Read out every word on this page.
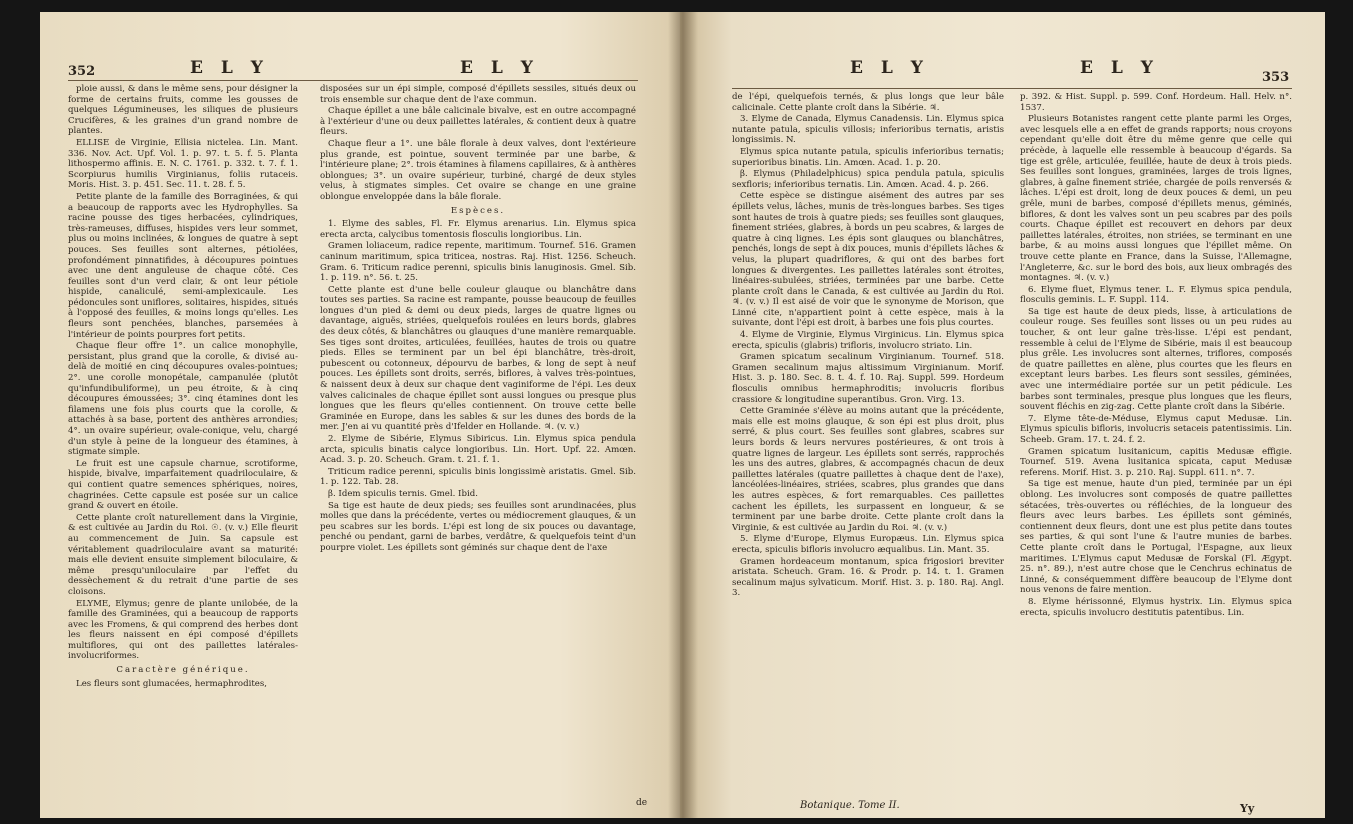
352	E L Y	E L Y

ploie aussi, & dans le même sens, pour désigner la forme de certains fruits, comme les gousses de quelques Légumineuses, les siliques de plusieurs Crucifères, & les graines d'un grand nombre de plantes.

ELLISE de Virginie, Ellisia nictelea. Lin. Mant. 336. Nov. Act. Upf. Vol. 1. p. 97. t. 5. f. 5. Planta lithospermo affinis. E. N. C. 1761. p. 332. t. 7. f. 1. Scorpiurus humilis Virginianus, foliis rutaceis. Moris. Hist. 3. p. 451. Sec. 11. t. 28. f. 5.

Petite plante de la famille des Borraginées, & qui a beaucoup de rapports avec les Hydrophylles. Sa racine pousse des tiges herbacées, cylindriques, très-rameuses, diffuses, hispides vers leur sommet, plus ou moins inclinées, & longues de quatre à sept pouces. Ses feuilles sont alternes, pétiolées, profondément pinnatifides, à découpures pointues avec une dent anguleuse de chaque côté. Ces feuilles sont d'un verd clair, & ont leur pétiole hispide, canaliculé, semi-amplexicaule. Les pédoncules sont uniflores, solitaires, hispides, situés à l'opposé des feuilles, & moins longs qu'elles. Les fleurs sont penchées, blanches, parsemées à l'intérieur de points pourpres fort petits.

Chaque fleur offre 1°. un calice monophylle, persistant, plus grand que la corolle, & divisé au-delà de moitié en cinq découpures ovales-pointues; 2°. une corolle monopétale, campanulée (plutôt qu'infundibuliforme), un peu étroite, & à cinq découpures émoussées; 3°. cinq étamines dont les filamens une fois plus courts que la corolle, & attachés à sa base, portent des anthères arrondies; 4°. un ovaire supérieur, ovale-conique, velu, chargé d'un style à peine de la longueur des étamines, à stigmate simple.

Le fruit est une capsule charnue, scrotiforme, hispide, bivalve, imparfaitement quadriloculaire, & qui contient quatre semences sphériques, noires, chagrinées. Cette capsule est posée sur un calice grand & ouvert en étoile.

Cette plante croît naturellement dans la Virginie, & est cultivée au Jardin du Roi. ☉. (v. v.) Elle fleurit au commencement de Juin. Sa capsule est véritablement quadriloculaire avant sa maturité: mais elle devient ensuite simplement biloculaire, & même presqu'uniloculaire par l'effet du dessèchement & du retrait d'une partie de ses cloisons.

ELYME, Elymus; genre de plante unilobée, de la famille des Graminées, qui a beaucoup de rapports avec les Fromens, & qui comprend des herbes dont les fleurs naissent en épi composé d'épillets multiflores, qui ont des paillettes latérales-involucriformes.

Caractère générique.

Les fleurs sont glumacées, hermaphrodites,

disposées sur un épi simple, composé d'épillets sessiles, situés deux ou trois ensemble sur chaque dent de l'axe commun.

Chaque épillet a une bâle calicinale bivalve, est en outre accompagné à l'extérieur d'une ou deux paillettes latérales, & contient deux à quatre fleurs.

Chaque fleur a 1°. une bâle florale à deux valves, dont l'extérieure plus grande, est pointue, souvent terminée par une barbe, & l'intérieure plane; 2°. trois étamines à filamens capillaires, & à anthères oblongues; 3°. un ovaire supérieur, turbiné, chargé de deux styles velus, à stigmates simples. Cet ovaire se change en une graine oblongue enveloppée dans la bâle florale.

Espèces.

1. Elyme des sables, Fl. Fr. Elymus arenarius. Lin. Elymus spica erecta arcta, calycibus tomentosis flosculis longioribus. Lin.

Gramen loliaceum, radice repente, maritimum. Tournef. 516. Gramen caninum maritimum, spica triticea, nostras. Raj. Hist. 1256. Scheuch. Gram. 6. Triticum radice perenni, spiculis binis lanuginosis. Gmel. Sib. 1. p. 119. n°. 56. t. 25.

Cette plante est d'une belle couleur glauque ou blanchâtre dans toutes ses parties. Sa racine est rampante, pousse beaucoup de feuilles longues d'un pied & demi ou deux pieds, larges de quatre lignes ou davantage, aiguës, striées, quelquefois roulées en leurs bords, glabres des deux côtés, & blanchâtres ou glauques d'une manière remarquable. Ses tiges sont droites, articulées, feuillées, hautes de trois ou quatre pieds. Elles se terminent par un bel épi blanchâtre, très-droit, pubescent ou cotonneux, dépourvu de barbes, & long de sept à neuf pouces. Les épillets sont droits, serrés, biflores, à valves très-pointues, & naissent deux à deux sur chaque dent vaginiforme de l'épi. Les deux valves calicinales de chaque épillet sont aussi longues ou presque plus longues que les fleurs qu'elles contiennent. On trouve cette belle Graminée en Europe, dans les sables & sur les dunes des bords de la mer. J'en ai vu quantité près d'Ifelder en Hollande. ♃. (v. v.)

2. Elyme de Sibérie, Elymus Sibiricus. Lin. Elymus spica pendula arcta, spiculis binatis calyce longioribus. Lin. Hort. Upf. 22. Amœn. Acad. 3. p. 20. Scheuch. Gram. t. 21. f. 1.

Triticum radice perenni, spiculis binis longissimè aristatis. Gmel. Sib. 1. p. 122. Tab. 28.

β. Idem spiculis ternis. Gmel. Ibid.

Sa tige est haute de deux pieds; ses feuilles sont arundinacées, plus molles que dans la précédente, vertes ou médiocrement glauques, & un peu scabres sur les bords. L'épi est long de six pouces ou davantage, penché ou pendant, garni de barbes, verdâtre, & quelquefois teint d'un pourpre violet. Les épillets sont géminés sur chaque dent de l'axe

de
E L Y	E L Y	353

de l'épi, quelquefois ternés, & plus longs que leur bâle calicinale. Cette plante croît dans la Sibérie. ♃.

3. Elyme de Canada, Elymus Canadensis. Lin. Elymus spica nutante patula, spiculis villosis; inferioribus ternatis, aristis longissimis. N.

Elymus spica nutante patula, spiculis inferioribus ternatis; superioribus binatis. Lin. Amœn. Acad. 1. p. 20.

β. Elymus (Philadelphicus) spica pendula patula, spiculis sexfloris; inferioribus ternatis. Lin. Amœn. Acad. 4. p. 266.

Cette espèce se distingue aisément des autres par ses épillets velus, lâches, munis de très-longues barbes. Ses tiges sont hautes de trois à quatre pieds; ses feuilles sont glauques, finement striées, glabres, à bords un peu scabres, & larges de quatre à cinq lignes. Les épis sont glauques ou blanchâtres, penchés, longs de sept à dix pouces, munis d'épillets lâches & velus, la plupart quadriflores, & qui ont des barbes fort longues & divergentes. Les paillettes latérales sont étroites, linéaires-subulées, striées, terminées par une barbe. Cette plante croît dans le Canada, & est cultivée au Jardin du Roi. ♃. (v. v.) Il est aisé de voir que le synonyme de Morison, que Linné cite, n'appartient point à cette espèce, mais à la suivante, dont l'épi est droit, à barbes une fois plus courtes.

4. Elyme de Virginie, Elymus Virginicus. Lin. Elymus spica erecta, spiculis (glabris) trifloris, involucro striato. Lin.

Gramen spicatum secalinum Virginianum. Tournef. 518. Gramen secalinum majus altissimum Virginianum. Morif. Hist. 3. p. 180. Sec. 8. t. 4. f. 10. Raj. Suppl. 599. Hordeum flosculis omnibus hermaphroditis; involucris floribus crassiore & longitudine superantibus. Gron. Virg. 13.

Cette Graminée s'élève au moins autant que la précédente, mais elle est moins glauque, & son épi est plus droit, plus serré, & plus court. Ses feuilles sont glabres, scabres sur leurs bords & leurs nervures postérieures, & ont trois à quatre lignes de largeur. Les épillets sont serrés, rapprochés les uns des autres, glabres, & accompagnés chacun de deux paillettes latérales (quatre paillettes à chaque dent de l'axe), lancéolées-linéaires, striées, scabres, plus grandes que dans les autres espèces, & fort remarquables. Ces paillettes cachent les épillets, les surpassent en longueur, & se terminent par une barbe droite. Cette plante croît dans la Virginie, & est cultivée au Jardin du Roi. ♃. (v. v.)

5. Elyme d'Europe, Elymus Europæus. Lin. Elymus spica erecta, spiculis bifloris involucro æqualibus. Lin. Mant. 35.

Gramen hordeaceum montanum, spica frigosiori breviter aristata. Scheuch. Gram. 16. & Prodr. p. 14. t. 1. Gramen secalinum majus sylvaticum. Morif. Hist. 3. p. 180. Raj. Angl. 3.

p. 392. & Hist. Suppl. p. 599. Conf. Hordeum. Hall. Helv. n°. 1537.

Plusieurs Botanistes rangent cette plante parmi les Orges, avec lesquels elle a en effet de grands rapports; nous croyons cependant qu'elle doit être du même genre que celle qui précède, à laquelle elle ressemble à beaucoup d'égards. Sa tige est grêle, articulée, feuillée, haute de deux à trois pieds. Ses feuilles sont longues, graminées, larges de trois lignes, glabres, à gaîne finement striée, chargée de poils renversés & lâches. L'épi est droit, long de deux pouces & demi, un peu grêle, muni de barbes, composé d'épillets menus, géminés, biflores, & dont les valves sont un peu scabres par des poils courts. Chaque épillet est recouvert en dehors par deux paillettes latérales, étroites, non striées, se terminant en une barbe, & au moins aussi longues que l'épillet même. On trouve cette plante en France, dans la Suisse, l'Allemagne, l'Angleterre, &c. sur le bord des bois, aux lieux ombragés des montagnes. ♃. (v. v.)

6. Elyme fluet, Elymus tener. L. F. Elymus spica pendula, flosculis geminis. L. F. Suppl. 114.

Sa tige est haute de deux pieds, lisse, à articulations de couleur rouge. Ses feuilles sont lisses ou un peu rudes au toucher, & ont leur gaîne très-lisse. L'épi est pendant, ressemble à celui de l'Elyme de Sibérie, mais il est beaucoup plus grêle. Les involucres sont alternes, triflores, composés de quatre paillettes en alène, plus courtes que les fleurs en exceptant leurs barbes. Les fleurs sont sessiles, géminées, avec une intermédiaire portée sur un petit pédicule. Les barbes sont terminales, presque plus longues que les fleurs, souvent fléchis en zig-zag. Cette plante croît dans la Sibérie.

7. Elyme tête-de-Méduse, Elymus caput Medusæ. Lin. Elymus spiculis bifloris, involucris setaceis patentissimis. Lin. Scheeb. Gram. 17. t. 24. f. 2.

Gramen spicatum lusitanicum, capitis Medusæ effigie. Tournef. 519. Avena lusitanica spicata, caput Medusæ referens. Morif. Hist. 3. p. 210. Raj. Suppl. 611. n°. 7.

Sa tige est menue, haute d'un pied, terminée par un épi oblong. Les involucres sont composés de quatre paillettes sétacées, très-ouvertes ou réfléchies, de la longueur des fleurs avec leurs barbes. Les épillets sont géminés, contiennent deux fleurs, dont une est plus petite dans toutes ses parties, & qui sont l'une & l'autre munies de barbes. Cette plante croît dans le Portugal, l'Espagne, aux lieux maritimes. L'Elymus caput Medusæ de Forskal (Fl. Ægypt. 25. n°. 89.), n'est autre chose que le Cenchrus echinatus de Linné, & conséquemment diffère beaucoup de l'Elyme dont nous venons de faire mention.

8. Elyme hérissonné, Elymus hystrix. Lin. Elymus spica erecta, spiculis involucro destitutis patentibus. Lin.

Botanique. Tome II.	Yy
